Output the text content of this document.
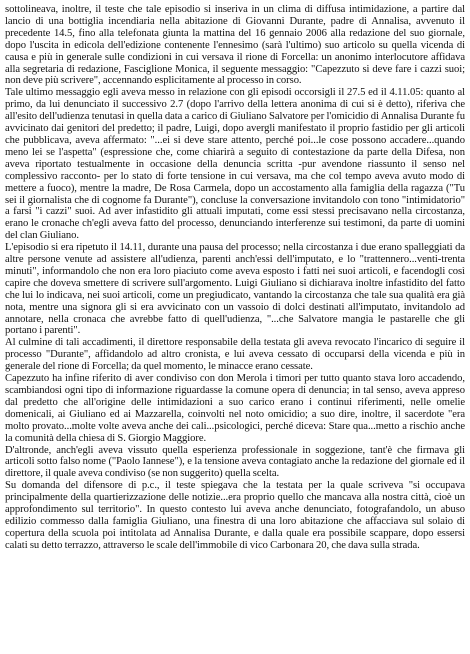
sottolineava, inoltre, il teste che tale episodio si inseriva in un clima di diffusa intimidazione, a partire dal lancio di una bottiglia incendiaria nella abitazione di Giovanni Durante, padre di Annalisa, avvenuto il precedente 14.5, fino alla telefonata giunta la mattina del 16 gennaio 2006 alla redazione del suo giornale, dopo l'uscita in edicola dell'edizione contenente l'ennesimo (sarà l'ultimo) suo articolo su quella vicenda di causa e più in generale sulle condizioni in cui versava il rione di Forcella: un anonimo interlocutore affidava alla segretaria di redazione, Fasciglione Monica, il seguente messaggio: "Capezzuto si deve fare i cazzi suoi; non deve più scrivere", accennando esplicitamente al processo in corso.

Tale ultimo messaggio egli aveva messo in relazione con gli episodi occorsigli il 27.5 ed il 4.11.05: quanto al primo, da lui denunciato il successivo 2.7 (dopo l'arrivo della lettera anonima di cui si è detto), riferiva che all'esito dell'udienza tenutasi in quella data a carico di Giuliano Salvatore per l'omicidio di Annalisa Durante fu avvicinato dai genitori del predetto; il padre, Luigi, dopo avergli manifestato il proprio fastidio per gli articoli che pubblicava, aveva affermato: "...ei si deve stare attento, perché poi...le cose possono accadere...quando meno lei se l'aspetta" (espressione che, come chiarirà a seguito di contestazione da parte della Difesa, non aveva riportato testualmente in occasione della denuncia scritta -pur avendone riassunto il senso nel complessivo racconto- per lo stato di forte tensione in cui versava, ma che col tempo aveva avuto modo di mettere a fuoco), mentre la madre, De Rosa Carmela, dopo un accostamento alla famiglia della ragazza ("Tu sei il giornalista che di cognome fa Durante"), concluse la conversazione invitandolo con tono "intimidatorio" a farsi "i cazzi" suoi. Ad aver infastidito gli attuali imputati, come essi stessi precisavano nella circostanza, erano le cronache ch'egli aveva fatto del processo, denunciando interferenze sui testimoni, da parte di uomini del clan Giuliano.

L'episodio si era ripetuto il 14.11, durante una pausa del processo; nella circostanza i due erano spalleggiati da altre persone venute ad assistere all'udienza, parenti anch'essi dell'imputato, e lo "trattennero...venti-trenta minuti", informandolo che non era loro piaciuto come aveva esposto i fatti nei suoi articoli, e facendogli così capire che doveva smettere di scrivere sull'argomento. Luigi Giuliano si dichiarava inoltre infastidito del fatto che lui lo indicava, nei suoi articoli, come un pregiudicato, vantando la circostanza che tale sua qualità era già nota, mentre una signora gli si era avvicinato con un vassoio di dolci destinati all'imputato, invitandolo ad annotare, nella cronaca che avrebbe fatto di quell'udienza, "...che Salvatore mangia le pastarelle che gli portano i parenti".

Al culmine di tali accadimenti, il direttore responsabile della testata gli aveva revocato l'incarico di seguire il processo "Durante", affidandolo ad altro cronista, e lui aveva cessato di occuparsi della vicenda e più in generale del rione di Forcella; da quel momento, le minacce erano cessate.

Capezzuto ha infine riferito di aver condiviso con don Merola i timori per tutto quanto stava loro accadendo, scambiandosi ogni tipo di informazione riguardasse la comune opera di denuncia; in tal senso, aveva appreso dal predetto che all'origine delle intimidazioni a suo carico erano i continui riferimenti, nelle omelie domenicali, ai Giuliano ed ai Mazzarella, coinvolti nel noto omicidio; a suo dire, inoltre, il sacerdote "era molto provato...molte volte aveva anche dei cali...psicologici, perché diceva: Stare qua...metto a rischio anche la comunità della chiesa di S. Giorgio Maggiore.

D'altronde, anch'egli aveva vissuto quella esperienza professionale in soggezione, tant'è che firmava gli articoli sotto falso nome ("Paolo Iannese"), e la tensione aveva contagiato anche la redazione del giornale ed il direttore, il quale aveva condiviso (se non suggerito) quella scelta.

Su domanda del difensore di p.c., il teste spiegava che la testata per la quale scriveva "si occupava principalmente della quartierizzazione delle notizie...era proprio quello che mancava alla nostra città, cioè un approfondimento sul territorio". In questo contesto lui aveva anche denunciato, fotografandolo, un abuso edilizio commesso dalla famiglia Giuliano, una finestra di una loro abitazione che affacciava sul solaio di copertura della scuola poi intitolata ad Annalisa Durante, e dalla quale era possibile scappare, dopo essersi calati su detto terrazzo, attraverso le scale dell'immobile di vico Carbonara 20, che dava sulla strada.
